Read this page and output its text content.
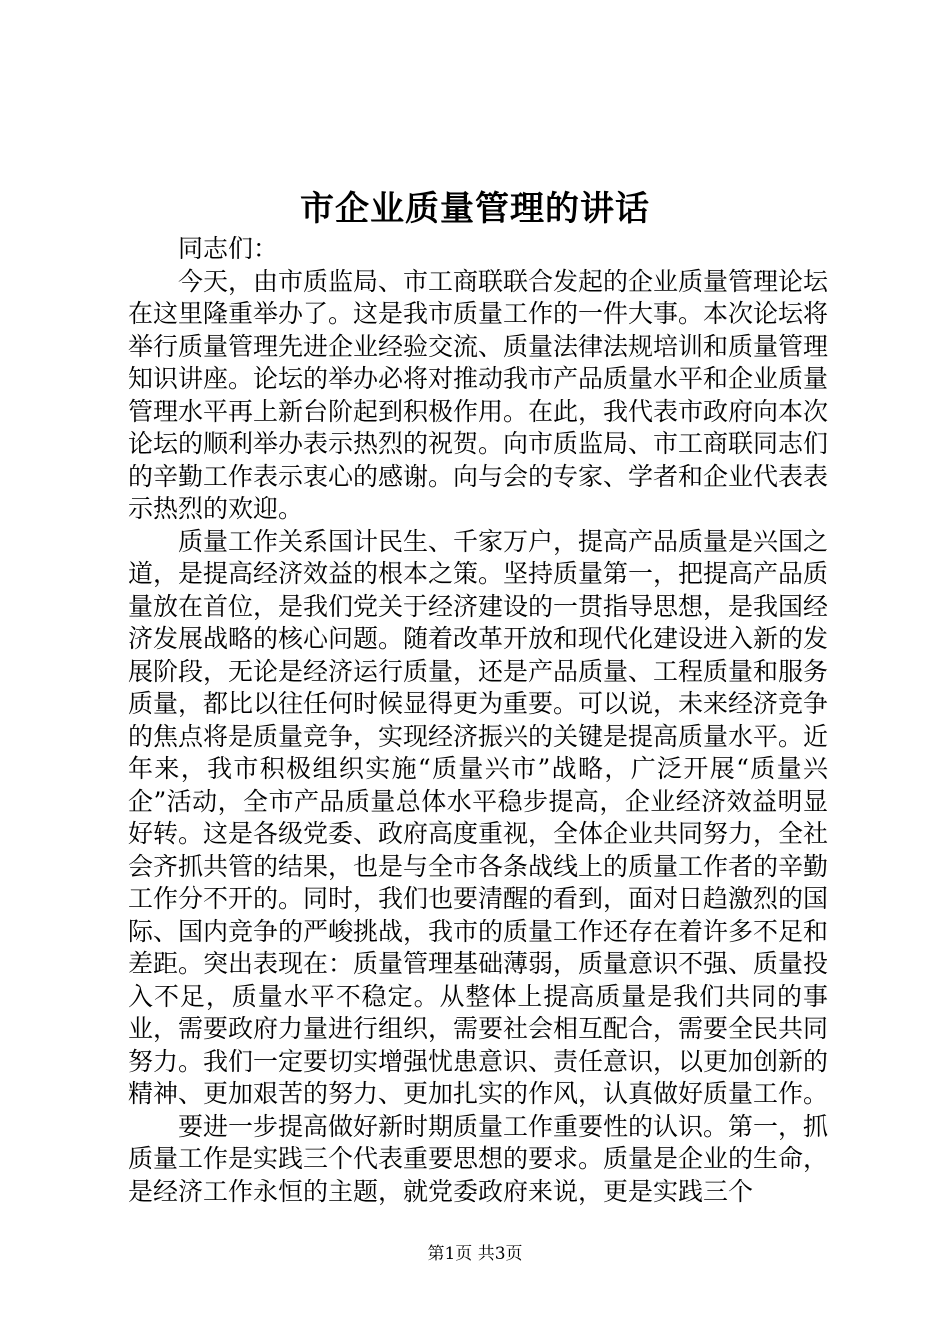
市企业质量管理的讲话

同志们：

今天，由市质监局、市工商联联合发起的企业质量管理论坛在这里隆重举办了。这是我市质量工作的一件大事。本次论坛将举行质量管理先进企业经验交流、质量法律法规培训和质量管理知识讲座。论坛的举办必将对推动我市产品质量水平和企业质量管理水平再上新台阶起到积极作用。在此，我代表市政府向本次论坛的顺利举办表示热烈的祝贺。向市质监局、市工商联同志们的辛勤工作表示衷心的感谢。向与会的专家、学者和企业代表表示热烈的欢迎。

质量工作关系国计民生、千家万户，提高产品质量是兴国之道，是提高经济效益的根本之策。坚持质量第一，把提高产品质量放在首位，是我们党关于经济建设的一贯指导思想，是我国经济发展战略的核心问题。随着改革开放和现代化建设进入新的发展阶段，无论是经济运行质量，还是产品质量、工程质量和服务质量，都比以往任何时候显得更为重要。可以说，未来经济竞争的焦点将是质量竞争，实现经济振兴的关键是提高质量水平。近年来，我市积极组织实施“质量兴市”战略，广泛开展“质量兴企”活动，全市产品质量总体水平稳步提高，企业经济效益明显好转。这是各级党委、政府高度重视，全体企业共同努力，全社会齐抓共管的结果，也是与全市各条战线上的质量工作者的辛勤工作分不开的。同时，我们也要清醒的看到，面对日趋激烈的国际、国内竞争的严峻挑战，我市的质量工作还存在着许多不足和差距。突出表现在：质量管理基础薄弱，质量意识不强、质量投入不足，质量水平不稳定。从整体上提高质量是我们共同的事业，需要政府力量进行组织，需要社会相互配合，需要全民共同努力。我们一定要切实增强忧患意识、责任意识，以更加创新的精神、更加艰苦的努力、更加扎实的作风，认真做好质量工作。

要进一步提高做好新时期质量工作重要性的认识。第一，抓质量工作是实践三个代表重要思想的要求。质量是企业的生命，是经济工作永恒的主题，就党委政府来说，更是实践三个

第1页 共3页
